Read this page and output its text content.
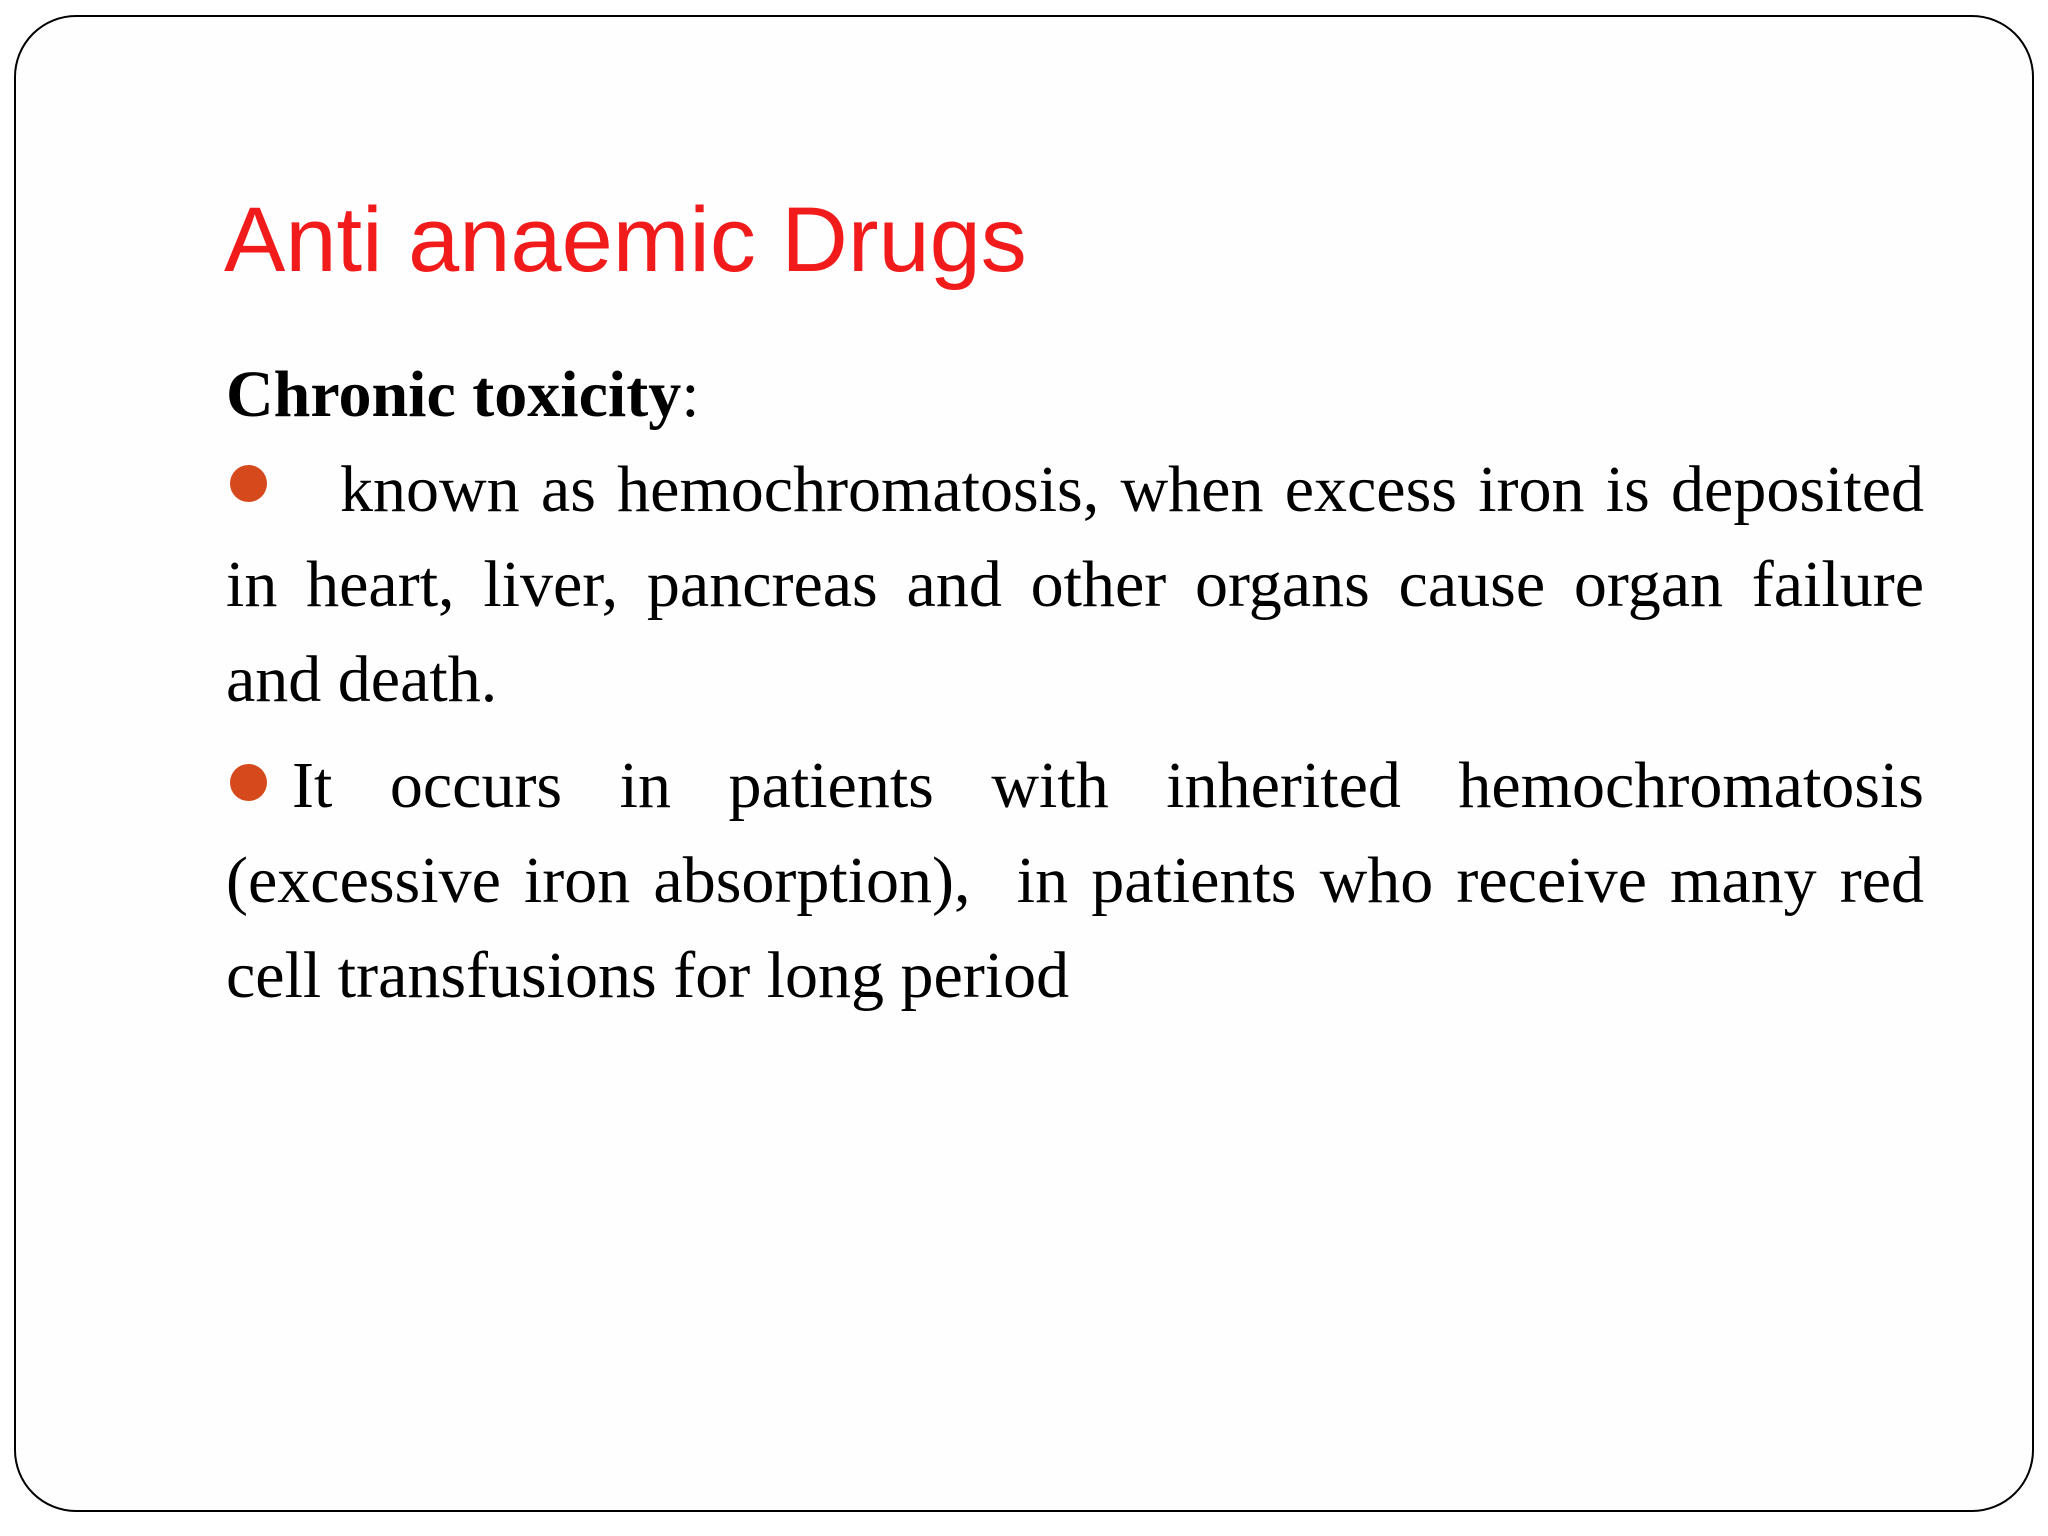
Anti anaemic Drugs

Chronic toxicity:

known as hemochromatosis, when excess iron is deposited in heart, liver, pancreas and other organs cause organ failure and death.

It occurs in patients with inherited hemochromatosis (excessive iron absorption), in patients who receive many red cell transfusions for long period
